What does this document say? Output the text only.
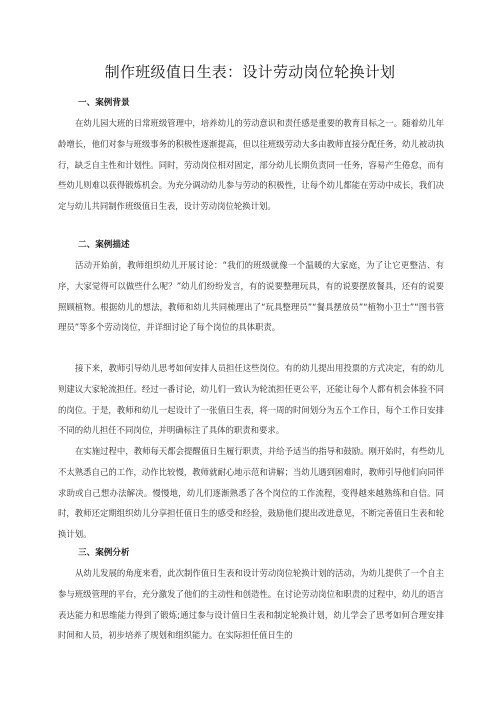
制作班级值日生表：设计劳动岗位轮换计划
一、案例背景

在幼儿园大班的日常班级管理中，培养幼儿的劳动意识和责任感是重要的教育目标之一。随着幼儿年龄增长，他们对参与班级事务的积极性逐渐提高，但以往班级劳动大多由教师直接分配任务，幼儿被动执行，缺乏自主性和计划性。同时，劳动岗位相对固定，部分幼儿长期负责同一任务，容易产生倦怠，而有些幼儿则难以获得锻炼机会。为充分调动幼儿参与劳动的积极性，让每个幼儿都能在劳动中成长，我们决定与幼儿共同制作班级值日生表，设计劳动岗位轮换计划。

二、案例描述

活动开始前，教师组织幼儿开展讨论：“我们的班级就像一个温暖的大家庭，为了让它更整洁、有序，大家觉得可以做些什么呢？”幼儿们纷纷发言，有的说要整理玩具，有的说要摆放餐具，还有的说要照顾植物。根据幼儿的想法，教师和幼儿共同梳理出了“玩具整理员”“餐具摆放员”“植物小卫士”“图书管理员”等多个劳动岗位，并详细讨论了每个岗位的具体职责。

接下来，教师引导幼儿思考如何安排人员担任这些岗位。有的幼儿提出用投票的方式决定，有的幼儿则建议大家轮流担任。经过一番讨论，幼儿们一致认为轮流担任更公平，还能让每个人都有机会体验不同的岗位。于是，教师和幼儿一起设计了一张值日生表，将一周的时间划分为五个工作日，每个工作日安排不同的幼儿担任不同岗位，并明确标注了具体的职责和要求。

在实施过程中，教师每天都会提醒值日生履行职责，并给予适当的指导和鼓励。刚开始时，有些幼儿不太熟悉自己的工作，动作比较慢，教师就耐心地示范和讲解；当幼儿遇到困难时，教师引导他们向同伴求助或自己想办法解决。慢慢地，幼儿们逐渐熟悉了各个岗位的工作流程，变得越来越熟练和自信。同时，教师还定期组织幼儿分享担任值日生的感受和经验，鼓励他们提出改进意见，不断完善值日生表和轮换计划。

三、案例分析

从幼儿发展的角度来看，此次制作值日生表和设计劳动岗位轮换计划的活动，为幼儿提供了一个自主参与班级管理的平台，充分激发了他们的主动性和创造性。在讨论劳动岗位和职责的过程中，幼儿的语言表达能力和思维能力得到了锻炼;通过参与设计值日生表和制定轮换计划，幼儿学会了思考如何合理安排时间和人员，初步培养了规划和组织能力。在实际担任值日生的
